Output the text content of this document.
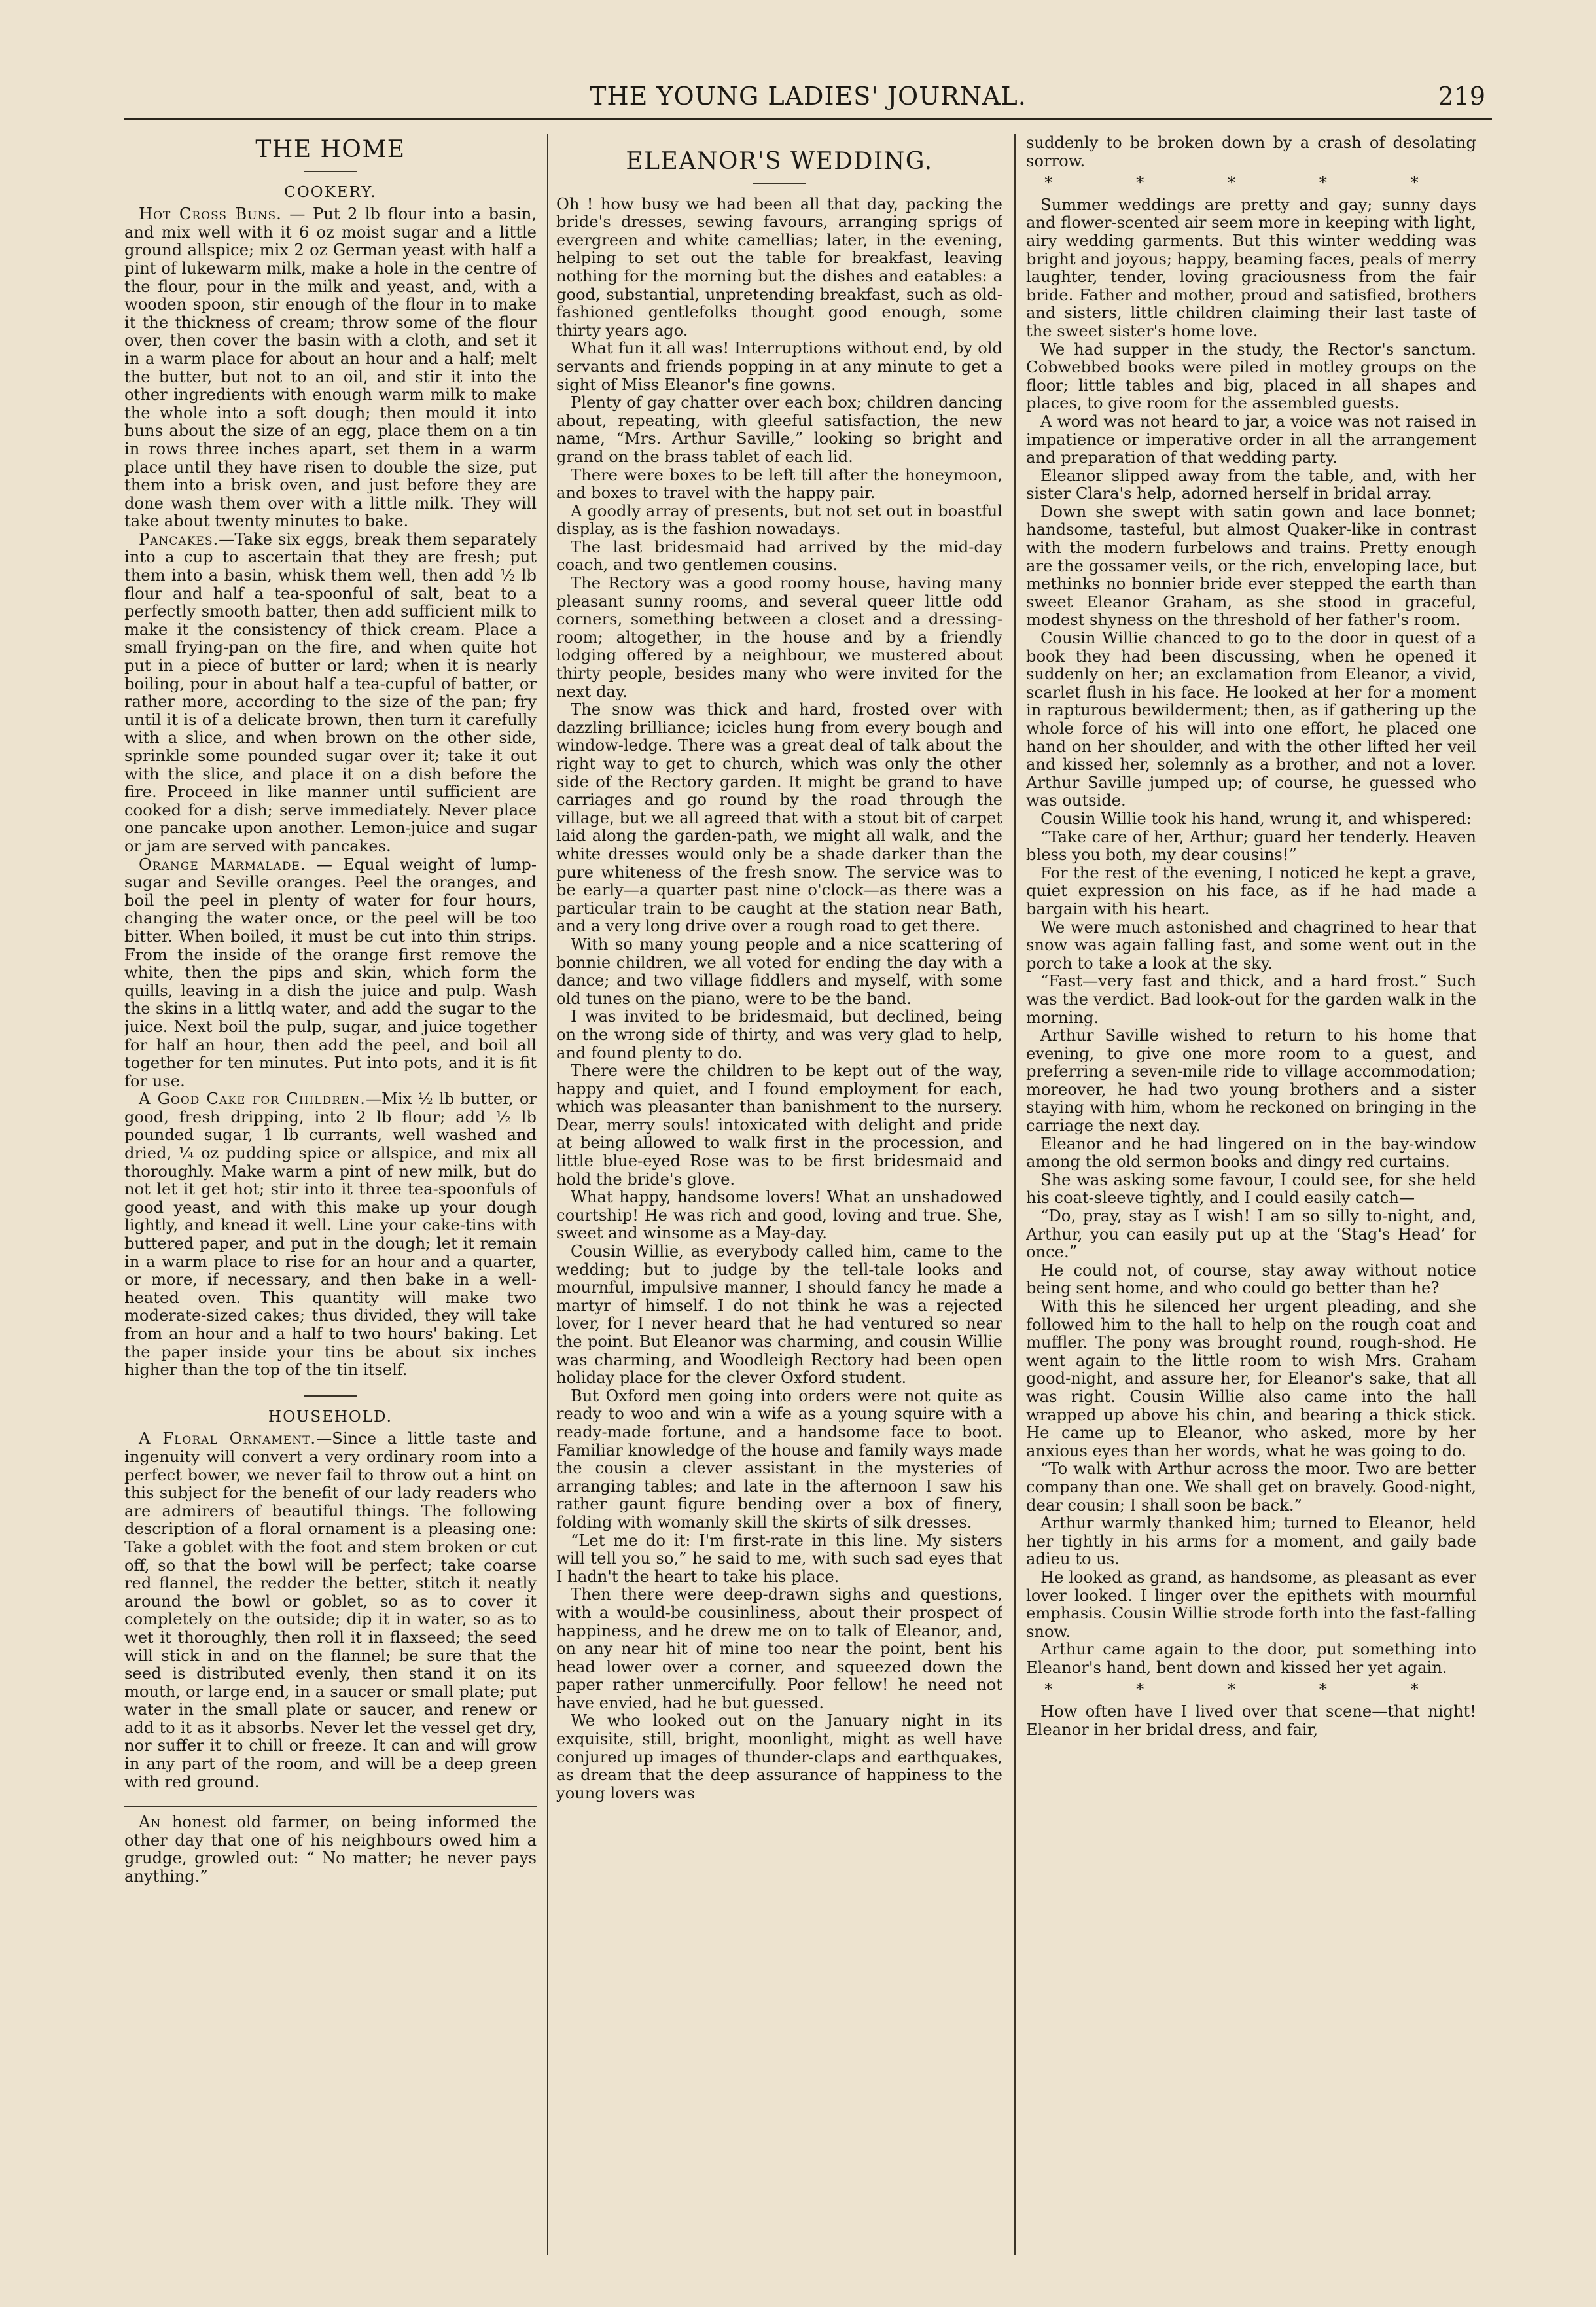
THE YOUNG LADIES' JOURNAL.	219
THE HOME
COOKERY.

Hot Cross Buns. — Put 2 lb flour into a basin, and mix well with it 6 oz moist sugar and a little ground allspice; mix 2 oz German yeast with half a pint of lukewarm milk, make a hole in the centre of the flour, pour in the milk and yeast, and, with a wooden spoon, stir enough of the flour in to make it the thickness of cream; throw some of the flour over, then cover the basin with a cloth, and set it in a warm place for about an hour and a half; melt the butter, but not to an oil, and stir it into the other ingredients with enough warm milk to make the whole into a soft dough; then mould it into buns about the size of an egg, place them on a tin in rows three inches apart, set them in a warm place until they have risen to double the size, put them into a brisk oven, and just before they are done wash them over with a little milk. They will take about twenty minutes to bake.

Pancakes.—Take six eggs, break them separately into a cup to ascertain that they are fresh; put them into a basin, whisk them well, then add ½ lb flour and half a tea-spoonful of salt, beat to a perfectly smooth batter, then add sufficient milk to make it the consistency of thick cream. Place a small frying-pan on the fire, and when quite hot put in a piece of butter or lard; when it is nearly boiling, pour in about half a tea-cupful of batter, or rather more, according to the size of the pan; fry until it is of a delicate brown, then turn it carefully with a slice, and when brown on the other side, sprinkle some pounded sugar over it; take it out with the slice, and place it on a dish before the fire. Proceed in like manner until sufficient are cooked for a dish; serve immediately. Never place one pancake upon another. Lemon-juice and sugar or jam are served with pancakes.

Orange Marmalade. — Equal weight of lump-sugar and Seville oranges. Peel the oranges, and boil the peel in plenty of water for four hours, changing the water once, or the peel will be too bitter. When boiled, it must be cut into thin strips. From the inside of the orange first remove the white, then the pips and skin, which form the quills, leaving in a dish the juice and pulp. Wash the skins in a littlq water, and add the sugar to the juice. Next boil the pulp, sugar, and juice together for half an hour, then add the peel, and boil all together for ten minutes. Put into pots, and it is fit for use.

A Good Cake for Children.—Mix ½ lb butter, or good, fresh dripping, into 2 lb flour; add ½ lb pounded sugar, 1 lb currants, well washed and dried, ¼ oz pudding spice or allspice, and mix all thoroughly. Make warm a pint of new milk, but do not let it get hot; stir into it three tea-spoonfuls of good yeast, and with this make up your dough lightly, and knead it well. Line your cake-tins with buttered paper, and put in the dough; let it remain in a warm place to rise for an hour and a quarter, or more, if necessary, and then bake in a well-heated oven. This quantity will make two moderate-sized cakes; thus divided, they will take from an hour and a half to two hours' baking. Let the paper inside your tins be about six inches higher than the top of the tin itself.

HOUSEHOLD.

A Floral Ornament.—Since a little taste and ingenuity will convert a very ordinary room into a perfect bower, we never fail to throw out a hint on this subject for the benefit of our lady readers who are admirers of beautiful things. The following description of a floral ornament is a pleasing one: Take a goblet with the foot and stem broken or cut off, so that the bowl will be perfect; take coarse red flannel, the redder the better, stitch it neatly around the bowl or goblet, so as to cover it completely on the outside; dip it in water, so as to wet it thoroughly, then roll it in flaxseed; the seed will stick in and on the flannel; be sure that the seed is distributed evenly, then stand it on its mouth, or large end, in a saucer or small plate; put water in the small plate or saucer, and renew or add to it as it absorbs. Never let the vessel get dry, nor suffer it to chill or freeze. It can and will grow in any part of the room, and will be a deep green with red ground.

An honest old farmer, on being informed the other day that one of his neighbours owed him a grudge, growled out: “ No matter; he never pays anything.”

ELEANOR'S WEDDING.

Oh ! how busy we had been all that day, packing the bride's dresses, sewing favours, arranging sprigs of evergreen and white camellias; later, in the evening, helping to set out the table for breakfast, leaving nothing for the morning but the dishes and eatables: a good, substantial, unpretending breakfast, such as old-fashioned gentlefolks thought good enough, some thirty years ago.

What fun it all was! Interruptions without end, by old servants and friends popping in at any minute to get a sight of Miss Eleanor's fine gowns.

Plenty of gay chatter over each box; children dancing about, repeating, with gleeful satisfaction, the new name, “Mrs. Arthur Saville,” looking so bright and grand on the brass tablet of each lid.

There were boxes to be left till after the honeymoon, and boxes to travel with the happy pair.

A goodly array of presents, but not set out in boastful display, as is the fashion nowadays.

The last bridesmaid had arrived by the mid-day coach, and two gentlemen cousins.

The Rectory was a good roomy house, having many pleasant sunny rooms, and several queer little odd corners, something between a closet and a dressing-room; altogether, in the house and by a friendly lodging offered by a neighbour, we mustered about thirty people, besides many who were invited for the next day.

The snow was thick and hard, frosted over with dazzling brilliance; icicles hung from every bough and window-ledge. There was a great deal of talk about the right way to get to church, which was only the other side of the Rectory garden. It might be grand to have carriages and go round by the road through the village, but we all agreed that with a stout bit of carpet laid along the garden-path, we might all walk, and the white dresses would only be a shade darker than the pure whiteness of the fresh snow. The service was to be early—a quarter past nine o'clock—as there was a particular train to be caught at the station near Bath, and a very long drive over a rough road to get there.

With so many young people and a nice scattering of bonnie children, we all voted for ending the day with a dance; and two village fiddlers and myself, with some old tunes on the piano, were to be the band.

I was invited to be bridesmaid, but declined, being on the wrong side of thirty, and was very glad to help, and found plenty to do.

There were the children to be kept out of the way, happy and quiet, and I found employment for each, which was pleasanter than banishment to the nursery. Dear, merry souls! intoxicated with delight and pride at being allowed to walk first in the procession, and little blue-eyed Rose was to be first bridesmaid and hold the bride's glove.

What happy, handsome lovers! What an unshadowed courtship! He was rich and good, loving and true. She, sweet and winsome as a May-day.

Cousin Willie, as everybody called him, came to the wedding; but to judge by the tell-tale looks and mournful, impulsive manner, I should fancy he made a martyr of himself. I do not think he was a rejected lover, for I never heard that he had ventured so near the point. But Eleanor was charming, and cousin Willie was charming, and Woodleigh Rectory had been open holiday place for the clever Oxford student.

But Oxford men going into orders were not quite as ready to woo and win a wife as a young squire with a ready-made fortune, and a handsome face to boot. Familiar knowledge of the house and family ways made the cousin a clever assistant in the mysteries of arranging tables; and late in the afternoon I saw his rather gaunt figure bending over a box of finery, folding with womanly skill the skirts of silk dresses.

“Let me do it: I'm first-rate in this line. My sisters will tell you so,” he said to me, with such sad eyes that I hadn't the heart to take his place.

Then there were deep-drawn sighs and questions, with a would-be cousinliness, about their prospect of happiness, and he drew me on to talk of Eleanor, and, on any near hit of mine too near the point, bent his head lower over a corner, and squeezed down the paper rather unmercifully. Poor fellow! he need not have envied, had he but guessed.

We who looked out on the January night in its exquisite, still, bright, moonlight, might as well have conjured up images of thunder-claps and earthquakes, as dream that the deep assurance of happiness to the young lovers was

suddenly to be broken down by a crash of desolating sorrow.

* * * * *

Summer weddings are pretty and gay; sunny days and flower-scented air seem more in keeping with light, airy wedding garments. But this winter wedding was bright and joyous; happy, beaming faces, peals of merry laughter, tender, loving graciousness from the fair bride. Father and mother, proud and satisfied, brothers and sisters, little children claiming their last taste of the sweet sister's home love.

We had supper in the study, the Rector's sanctum. Cobwebbed books were piled in motley groups on the floor; little tables and big, placed in all shapes and places, to give room for the assembled guests.

A word was not heard to jar, a voice was not raised in impatience or imperative order in all the arrangement and preparation of that wedding party.

Eleanor slipped away from the table, and, with her sister Clara's help, adorned herself in bridal array.

Down she swept with satin gown and lace bonnet; handsome, tasteful, but almost Quaker-like in contrast with the modern furbelows and trains. Pretty enough are the gossamer veils, or the rich, enveloping lace, but methinks no bonnier bride ever stepped the earth than sweet Eleanor Graham, as she stood in graceful, modest shyness on the threshold of her father's room.

Cousin Willie chanced to go to the door in quest of a book they had been discussing, when he opened it suddenly on her; an exclamation from Eleanor, a vivid, scarlet flush in his face. He looked at her for a moment in rapturous bewilderment; then, as if gathering up the whole force of his will into one effort, he placed one hand on her shoulder, and with the other lifted her veil and kissed her, solemnly as a brother, and not a lover. Arthur Saville jumped up; of course, he guessed who was outside.

Cousin Willie took his hand, wrung it, and whispered:

“Take care of her, Arthur; guard her tenderly. Heaven bless you both, my dear cousins!”

For the rest of the evening, I noticed he kept a grave, quiet expression on his face, as if he had made a bargain with his heart.

We were much astonished and chagrined to hear that snow was again falling fast, and some went out in the porch to take a look at the sky.

“Fast—very fast and thick, and a hard frost.” Such was the verdict. Bad look-out for the garden walk in the morning.

Arthur Saville wished to return to his home that evening, to give one more room to a guest, and preferring a seven-mile ride to village accommodation; moreover, he had two young brothers and a sister staying with him, whom he reckoned on bringing in the carriage the next day.

Eleanor and he had lingered on in the bay-window among the old sermon books and dingy red curtains.

She was asking some favour, I could see, for she held his coat-sleeve tightly, and I could easily catch—

“Do, pray, stay as I wish! I am so silly to-night, and, Arthur, you can easily put up at the ‘Stag's Head’ for once.”

He could not, of course, stay away without notice being sent home, and who could go better than he?

With this he silenced her urgent pleading, and she followed him to the hall to help on the rough coat and muffler. The pony was brought round, rough-shod. He went again to the little room to wish Mrs. Graham good-night, and assure her, for Eleanor's sake, that all was right. Cousin Willie also came into the hall wrapped up above his chin, and bearing a thick stick. He came up to Eleanor, who asked, more by her anxious eyes than her words, what he was going to do.

“To walk with Arthur across the moor. Two are better company than one. We shall get on bravely. Good-night, dear cousin; I shall soon be back.”

Arthur warmly thanked him; turned to Eleanor, held her tightly in his arms for a moment, and gaily bade adieu to us.

He looked as grand, as handsome, as pleasant as ever lover looked. I linger over the epithets with mournful emphasis. Cousin Willie strode forth into the fast-falling snow.

Arthur came again to the door, put something into Eleanor's hand, bent down and kissed her yet again.

* * * * *

How often have I lived over that scene—that night! Eleanor in her bridal dress, and fair,
